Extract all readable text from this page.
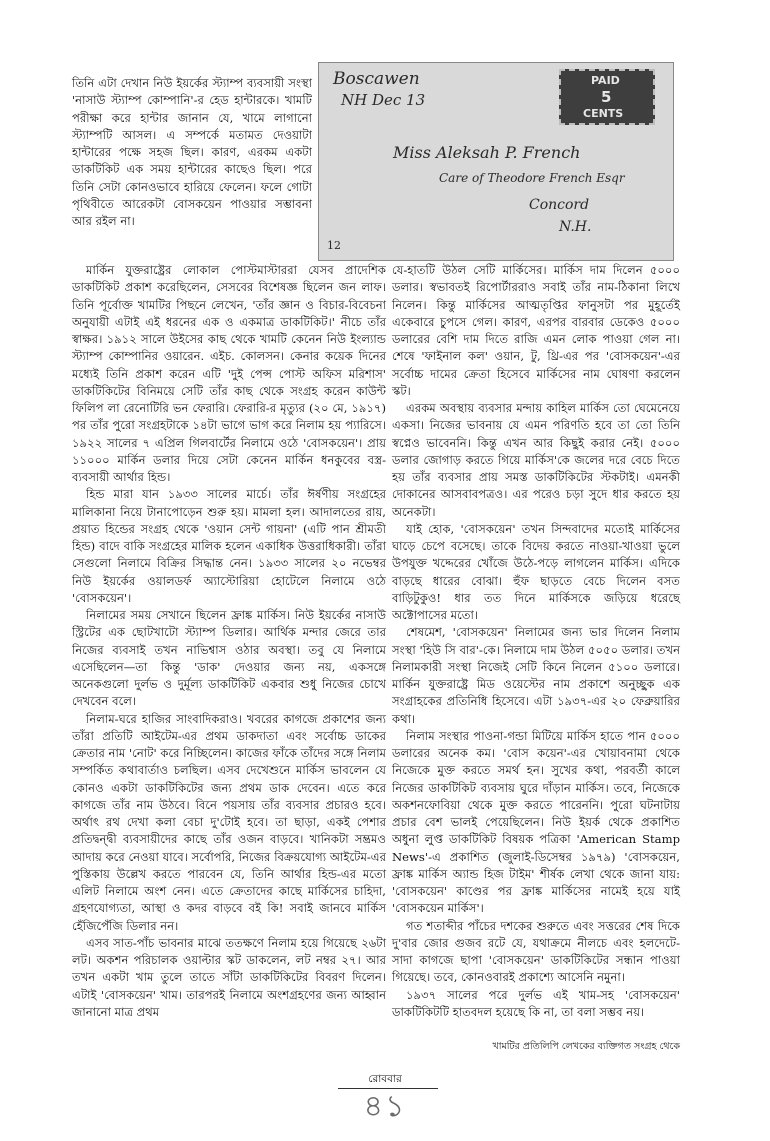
Boscawen
NH Dec 13
PAID
5
CENTS
Miss Aleksah P. French
Care of Theodore French Esqr
Concord
N.H.
12

তিনি এটা দেখান নিউ ইয়র্কের স্ট্যাম্প ব্যবসায়ী সংস্থা 'নাসাউ স্ট্যাম্প কোম্পানি'-র হেড হান্টারকে। খামটি পরীক্ষা করে হান্টার জানান যে, খামে লাগানো স্ট্যাম্পটি আসল। এ সম্পর্কে মতামত দেওয়াটা হান্টারের পক্ষে সহজ ছিল। কারণ, এরকম একটা ডাকটিকিট এক সময় হান্টারের কাছেও ছিল। পরে তিনি সেটা কোনওভাবে হারিয়ে ফেলেন। ফলে গোটা পৃথিবীতে আরেকটা বোসকয়েন পাওয়ার সম্ভাবনা আর রইল না।

মার্কিন যুক্তরাষ্ট্রের লোকাল পোস্টমাস্টাররা যেসব প্রাদেশিক ডাকটিকিট প্রকাশ করেছিলেন, সেসবের বিশেষজ্ঞ ছিলেন জন লাফ। তিনি পূর্বোক্ত খামটির পিছনে লেখেন, 'তাঁর জ্ঞান ও বিচার-বিবেচনা অনুযায়ী এটাই এই ধরনের এক ও একমাত্র ডাকটিকিট।' নীচে তাঁর স্বাক্ষর। ১৯১২ সালে উইসের কাছ থেকে খামটি কেনেন নিউ ইংল্যান্ড স্ট্যাম্প কোম্পানির ওয়ারেন. এইচ. কোলসন। কেনার কয়েক দিনের মধ্যেই তিনি প্রকাশ করেন এটি 'দুই পেন্স পোস্ট অফিস মরিশাস' ডাকটিকিটের বিনিময়ে সেটি তাঁর কাছ থেকে সংগ্রহ করেন কাউন্ট ফিলিপ লা রেনোটিরি ভন ফেরারি। ফেরারি-র মৃত্যুর (২০ মে, ১৯১৭) পর তাঁর পুরো সংগ্রহটাকে ১৪টা ভাগে ভাগ করে নিলাম হয় প্যারিসে। ১৯২২ সালের ৭ এপ্রিল গিলবার্টের নিলামে ওঠে 'বোসকয়েন'। প্রায় ১১০০০ মার্কিন ডলার দিয়ে সেটা কেনেন মার্কিন ধনকুবের বস্ত্র-ব্যবসায়ী আর্থার হিন্ড।

হিন্ড মারা যান ১৯৩৩ সালের মার্চে। তাঁর ঈর্ষণীয় সংগ্রহের মালিকানা নিয়ে টানাপোড়েন শুরু হয়। মামলা হল। আদালতের রায়, প্রয়াত হিন্ডের সংগ্রহ থেকে 'ওয়ান সেন্ট গায়না' (এটি পান শ্রীমতী হিন্ড) বাদে বাকি সংগ্রহের মালিক হলেন একাধিক উত্তরাধিকারী। তাঁরা সেগুলো নিলামে বিক্রির সিদ্ধান্ত নেন। ১৯৩৩ সালের ২০ নভেম্বর নিউ ইয়র্কের ওয়ালডর্ফ অ্যাস্টোরিয়া হোটেলে নিলামে ওঠে 'বোসকয়েন'।

নিলামের সময় সেখানে ছিলেন ফ্রাঙ্ক মার্কিস। নিউ ইয়র্কের নাসাউ স্ট্রিটের এক ছোটখাটো স্ট্যাম্প ডিলার। আর্থিক মন্দার জেরে তার নিজের ব্যবসাই তখন নাভিশ্বাস ওঠার অবস্থা। তবু যে নিলামে এসেছিলেন—তা কিন্তু 'ডাক' দেওয়ার জন্য নয়, একসঙ্গে অনেকগুলো দুর্লভ ও দুর্মূল্য ডাকটিকিট একবার শুধু নিজের চোখে দেখবেন বলে।

নিলাম-ঘরে হাজির সাংবাদিকরাও। খবরের কাগজে প্রকাশের জন্য তাঁরা প্রতিটি আইটেম-এর প্রথম ডাকদাতা এবং সর্বোচ্চ ডাকের ক্রেতার নাম 'নোট' করে নিচ্ছিলেন। কাজের ফাঁকে তাঁদের সঙ্গে নিলাম সম্পর্কিত কথাবার্তাও চলছিল। এসব দেখেশুনে মার্কিস ভাবলেন যে কোনও একটা ডাকটিকিটের জন্য প্রথম ডাক দেবেন। এতে করে কাগজে তাঁর নাম উঠবে। বিনে পয়সায় তাঁর ব্যবসার প্রচারও হবে। অর্থাৎ রথ দেখা কলা বেচা দু'টোই হবে। তা ছাড়া, একই পেশার প্রতিদ্বন্দ্বী ব্যবসায়ীদের কাছে তাঁর ওজন বাড়বে। খানিকটা সম্ভ্রমও আদায় করে নেওয়া যাবে। সর্বোপরি, নিজের বিক্রয়যোগ্য আইটেম-এর পুস্তিকায় উল্লেখ করতে পারবেন যে, তিনি আর্থার হিন্ড-এর মতো এলিট নিলামে অংশ নেন। এতে ক্রেতাদের কাছে মার্কিসের চাহিদা, গ্রহণযোগ্যতা, আস্থা ও কদর বাড়বে বই কি! সবাই জানবে মার্কিস হেঁজিপেঁজি ডিলার নন।

এসব সাত-পাঁচ ভাবনার মাঝে ততক্ষণে নিলাম হয়ে গিয়েছে ২৬টা লট। অকশন পরিচালক ওয়াল্টার স্কট ডাকলেন, লট নম্বর ২৭। আর তখন একটা খাম তুলে তাতে সাঁটা ডাকটিকিটের বিবরণ দিলেন। এটাই 'বোসকয়েন' খাম। তারপরই নিলামে অংশগ্রহণের জন্য আহ্বান জানানো মাত্র প্রথম

যে-হাতটি উঠল সেটি মার্কিসের। মার্কিস দাম দিলেন ৫০০০ ডলার। স্বভাবতই রিপোর্টাররাও সবাই তাঁর নাম-ঠিকানা লিখে নিলেন। কিন্তু মার্কিসের আত্মতৃপ্তির ফানুসটা পর মুহূর্তেই একেবারে চুপসে গেল। কারণ, এরপর বারবার ডেকেও ৫০০০ ডলারের বেশি দাম দিতে রাজি এমন লোক পাওয়া গেল না। শেষে 'ফাইনাল কল' ওয়ান, টু, থ্রি-এর পর 'বোসকয়েন'-এর সর্বোচ্চ দামের ক্রেতা হিসেবে মার্কিসের নাম ঘোষণা করলেন স্কট।

এরকম অবস্থায় ব্যবসার মন্দায় কাহিল মার্কিস তো ঘেমেনেয়ে একসা। নিজের ভাবনায় যে এমন পরিণতি হবে তা তো তিনি স্বপ্নেও ভাবেননি। কিন্তু এখন আর কিছুই করার নেই। ৫০০০ ডলার জোগাড় করতে গিয়ে মার্কিস'কে জলের দরে বেচে দিতে হয় তাঁর ব্যবসার প্রায় সমস্ত ডাকটিকিটের স্টকটাই। এমনকী দোকানের আসবাবপত্রও। এর পরেও চড়া সুদে ধার করতে হয় অনেকটা।

যাই হোক, 'বোসকয়েন' তখন সিন্দবাদের মতোই মার্কিসের ঘাড়ে চেপে বসেছে। তাকে বিদেয় করতে নাওয়া-খাওয়া ভুলে উপযুক্ত খদ্দেরের খোঁজে উঠে-পড়ে লাগলেন মার্কিস। এদিকে বাড়ছে ধারের বোঝা। হুঁফ ছাড়তে বেচে দিলেন বসত বাড়িটুকুও! ধার তত দিনে মার্কিসকে জড়িয়ে ধরেছে অক্টোপাসের মতো।

শেষমেশ, 'বোসকয়েন' নিলামের জন্য ভার দিলেন নিলাম সংস্থা 'হিউ সি বার'-কে। নিলামে দাম উঠল ৫০৫০ ডলার। তখন নিলামকারী সংস্থা নিজেই সেটি কিনে নিলেন ৫১০০ ডলারে। মার্কিন যুক্তরাষ্ট্রে মিড ওয়েস্টের নাম প্রকাশে অনুচ্ছুক এক সংগ্রাহকের প্রতিনিধি হিসেবে। এটা ১৯৩৭-এর ২০ ফেব্রুয়ারির কথা।

নিলাম সংস্থার পাওনা-গন্ডা মিটিয়ে মার্কিস হাতে পান ৫০০০ ডলারের অনেক কম। 'বোস কয়েন'-এর খোয়াবনামা থেকে নিজেকে মুক্ত করতে সমর্থ হন। সুখের কথা, পরবর্তী কালে নিজের ডাকটিকিট ব্যবসায় ঘুরে দাঁড়ান মার্কিস। তবে, নিজেকে অকশনফোবিয়া থেকে মুক্ত করতে পারেননি। পুরো ঘটনাটায় প্রচার বেশ ভালই পেয়েছিলেন। নিউ ইয়র্ক থেকে প্রকাশিত অধুনা লুপ্ত ডাকটিকিট বিষয়ক পত্রিকা 'American Stamp News'-এ প্রকাশিত (জুলাই-ডিসেম্বর ১৯৭৯) 'বোসকয়েন, ফ্রাঙ্ক মার্কিস অ্যান্ড হিজ টাইম' শীর্ষক লেখা থেকে জানা যায়: 'বোসকয়েন' কাণ্ডের পর ফ্রাঙ্ক মার্কিসের নামেই হয়ে যাই 'বোসকয়েন মার্কিস'।

গত শতাব্দীর পাঁচের দশকের শুরুতে এবং সত্তরের শেষ দিকে দু'বার জোর গুজব রটে যে, যথাক্রমে নীলচে এবং হলদেটে-সাদা কাগজে ছাপা 'বোসকয়েন' ডাকটিকিটের সন্ধান পাওয়া গিয়েছে। তবে, কোনওবারই প্রকাশ্যে আসেনি নমুনা।

১৯৩৭ সালের পরে দুর্লভ এই খাম-সহ 'বোসকয়েন' ডাকটিকিটটি হাতবদল হয়েছে কি না, তা বলা সম্ভব নয়।

খামটির প্রতিলিপি লেখকের ব্যক্তিগত সংগ্রহ থেকে
রোববার
৪১
